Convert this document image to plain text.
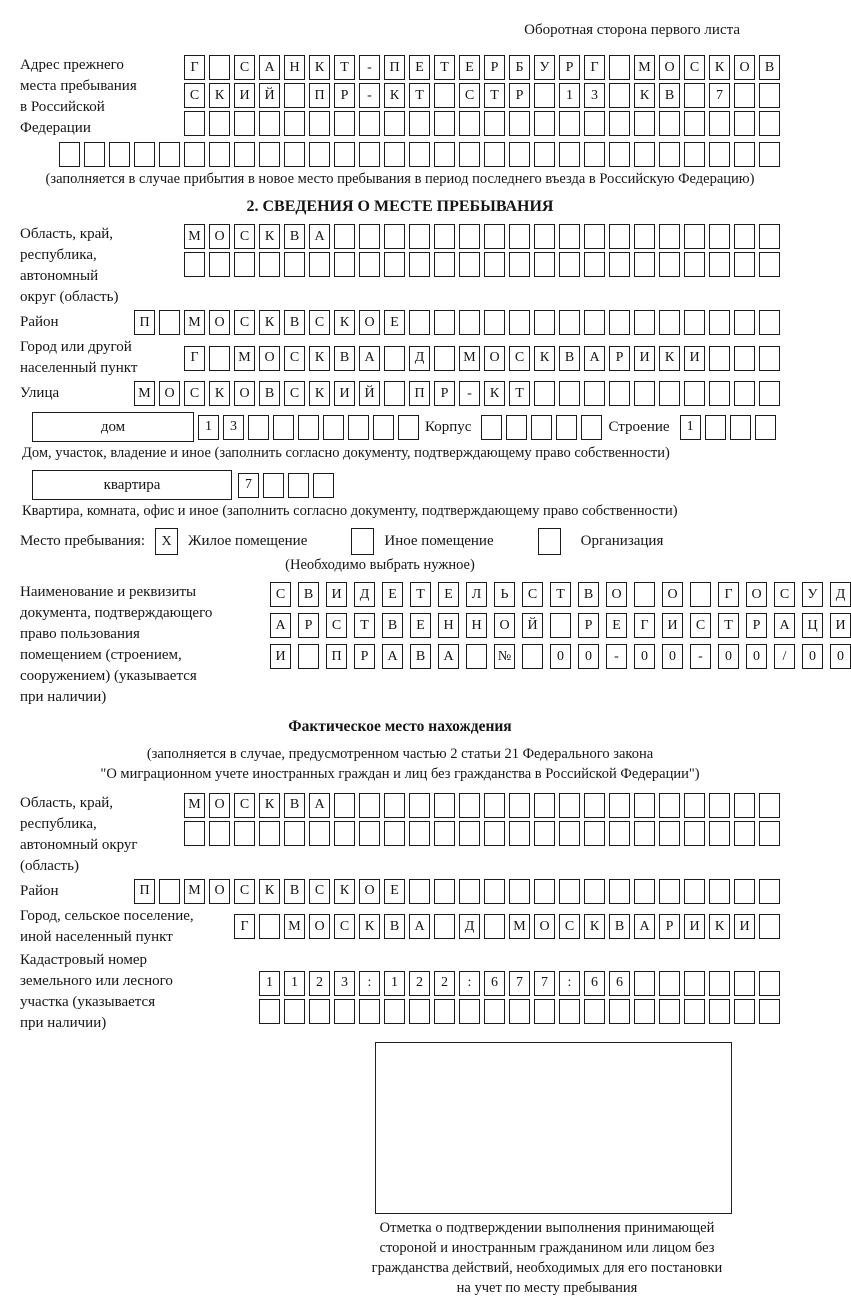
Оборотная сторона первого листа
Адрес прежнего
места пребывания
в Российской
Федерации
Г	С	А	Н	К	Т	-	П	Е	Т	Е	Р	Б	У	Р	Г	М О	С	К	О	В
С	К	И	Й	П	Р	-	К	Т	С	Т	Р	1	3	К	В	7
(заполняется в случае прибытия в новое место пребывания в период последнего въезда в Российскую Федерацию)
2. СВЕДЕНИЯ О МЕСТЕ ПРЕБЫВАНИЯ
Область, край,
республика,
автономный
округ (область)
М О	С	К	В	А
Район	П	М О	С	К	В	С	К	О	Е
Город или другой
населенный пункт
Г	М О	С	К	В	А	Д	М О	С	К	В	А	Р	И	К	И
Улица	М О	С	К	О	В	С	К	И	Й	П	Р	-	К	Т
дом	1	3	Корпус	Строение	1
Дом, участок, владение и иное (заполнить согласно документу, подтверждающему право собственности)
квартира	7
Квартира, комната, офис и иное (заполнить согласно документу, подтверждающему право собственности)
Место пребывания:	X	Жилое помещение	Иное помещение	Организация
(Необходимо выбрать нужное)
Наименование и реквизиты
документа, подтверждающего
право пользования
помещением (строением,
сооружением) (указывается
при наличии)
С	В	И	Д	Е	Т	Е	Л	Ь	С	Т	В	О	О	Г	О	С	У	Д
А	Р	С	Т	В	Е	Н	Н	О	Й	Р	Е	Г	И	С	Т	Р	А	Ц	И
И	П	Р	А	В	А	№	0	0	-	0	0	-	0	0	/	0	0
Фактическое место нахождения
(заполняется в случае, предусмотренном частью 2 статьи 21 Федерального закона
"О миграционном учете иностранных граждан и лиц без гражданства в Российской Федерации")
Область, край,
республика,
автономный округ
(область)
М О	С	К	В	А
Район	П	М О	С	К	В	С	К	О	Е
Город, сельское поселение,
иной населенный пункт
Г	М О	С	К	В	А	Д	М О	С	К	В	А	Р	И	К	И
Кадастровый номер
земельного или лесного
участка (указывается
при наличии)
1	1	2	3	:	1	2	2	:	6	7	7	:	6	6
Отметка о подтверждении выполнения принимающей
стороной и иностранным гражданином или лицом без
гражданства действий, необходимых для его постановки
на учет по месту пребывания
